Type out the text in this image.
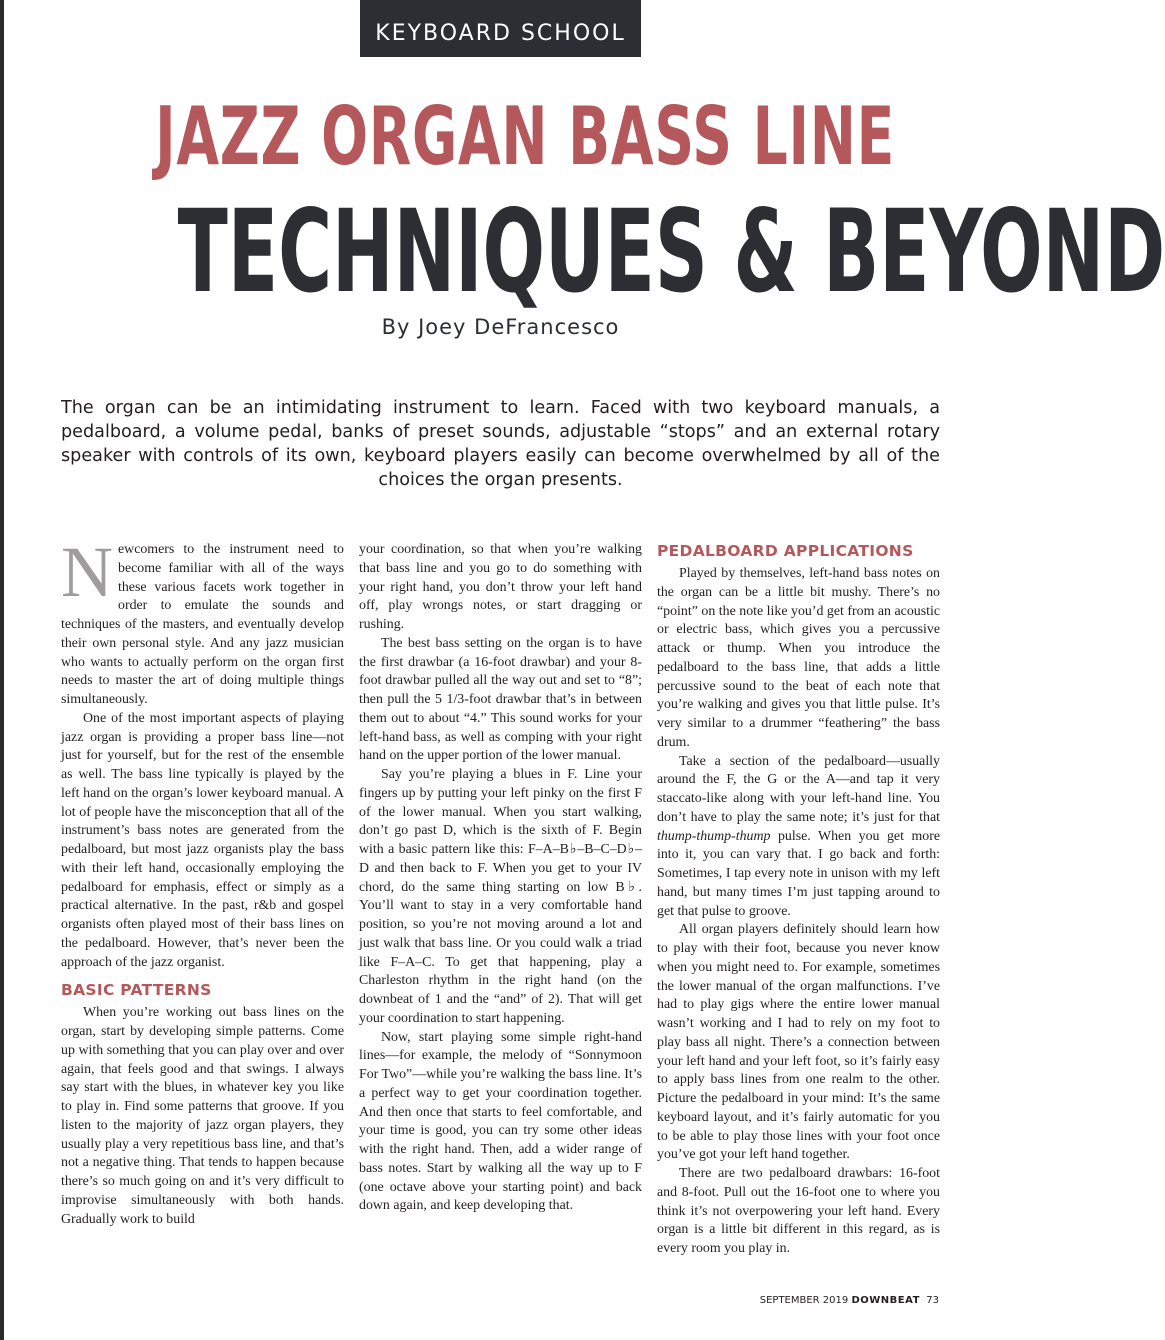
KEYBOARD SCHOOL
JAZZ ORGAN BASS LINE
TECHNIQUES & BEYOND
By Joey DeFrancesco
The organ can be an intimidating instrument to learn. Faced with two keyboard manuals, a pedalboard, a volume pedal, banks of preset sounds, adjustable “stops” and an external rotary speaker with controls of its own, keyboard players easily can become overwhelmed by all of the choices the organ presents.

Newcomers to the instrument need to become familiar with all of the ways these various facets work together in order to emulate the sounds and techniques of the masters, and eventually develop their own personal style. And any jazz musician who wants to actually perform on the organ first needs to master the art of doing multiple things simultaneously.

One of the most important aspects of playing jazz organ is providing a proper bass line—not just for yourself, but for the rest of the ensemble as well. The bass line typically is played by the left hand on the organ’s lower keyboard manual. A lot of people have the misconception that all of the instrument’s bass notes are generated from the pedalboard, but most jazz organists play the bass with their left hand, occasionally employing the pedalboard for emphasis, effect or simply as a practical alternative. In the past, r&b and gospel organists often played most of their bass lines on the pedalboard. However, that’s never been the approach of the jazz organist.

BASIC PATTERNS

When you’re working out bass lines on the organ, start by developing simple patterns. Come up with something that you can play over and over again, that feels good and that swings. I always say start with the blues, in whatever key you like to play in. Find some patterns that groove. If you listen to the majority of jazz organ players, they usually play a very repetitious bass line, and that’s not a negative thing. That tends to happen because there’s so much going on and it’s very difficult to improvise simultaneously with both hands. Gradually work to build

your coordination, so that when you’re walking that bass line and you go to do something with your right hand, you don’t throw your left hand off, play wrongs notes, or start dragging or rushing.

The best bass setting on the organ is to have the first drawbar (a 16-foot drawbar) and your 8-foot drawbar pulled all the way out and set to “8”; then pull the 5 1/3-foot drawbar that’s in between them out to about “4.” This sound works for your left-hand bass, as well as comping with your right hand on the upper portion of the lower manual.

Say you’re playing a blues in F. Line your fingers up by putting your left pinky on the first F of the lower manual. When you start walking, don’t go past D, which is the sixth of F. Begin with a basic pattern like this: F–A–B♭–B–C–D♭–D and then back to F. When you get to your IV chord, do the same thing starting on low B♭. You’ll want to stay in a very comfortable hand position, so you’re not moving around a lot and just walk that bass line. Or you could walk a triad like F–A–C. To get that happening, play a Charleston rhythm in the right hand (on the downbeat of 1 and the “and” of 2). That will get your coordination to start happening.

Now, start playing some simple right-hand lines—for example, the melody of “Sonnymoon For Two”—while you’re walking the bass line. It’s a perfect way to get your coordination together. And then once that starts to feel comfortable, and your time is good, you can try some other ideas with the right hand. Then, add a wider range of bass notes. Start by walking all the way up to F (one octave above your starting point) and back down again, and keep developing that.

PEDALBOARD APPLICATIONS

Played by themselves, left-hand bass notes on the organ can be a little bit mushy. There’s no “point” on the note like you’d get from an acoustic or electric bass, which gives you a percussive attack or thump. When you introduce the pedalboard to the bass line, that adds a little percussive sound to the beat of each note that you’re walking and gives you that little pulse. It’s very similar to a drummer “feathering” the bass drum.

Take a section of the pedalboard—usually around the F, the G or the A—and tap it very staccato-like along with your left-hand line. You don’t have to play the same note; it’s just for that thump-thump-thump pulse. When you get more into it, you can vary that. I go back and forth: Sometimes, I tap every note in unison with my left hand, but many times I’m just tapping around to get that pulse to groove.

All organ players definitely should learn how to play with their foot, because you never know when you might need to. For example, sometimes the lower manual of the organ malfunctions. I’ve had to play gigs where the entire lower manual wasn’t working and I had to rely on my foot to play bass all night. There’s a connection between your left hand and your left foot, so it’s fairly easy to apply bass lines from one realm to the other. Picture the pedalboard in your mind: It’s the same keyboard layout, and it’s fairly automatic for you to be able to play those lines with your foot once you’ve got your left hand together.

There are two pedalboard drawbars: 16-foot and 8-foot. Pull out the 16-foot one to where you think it’s not overpowering your left hand. Every organ is a little bit different in this regard, as is every room you play in.

SEPTEMBER 2019 DOWNBEAT 73
